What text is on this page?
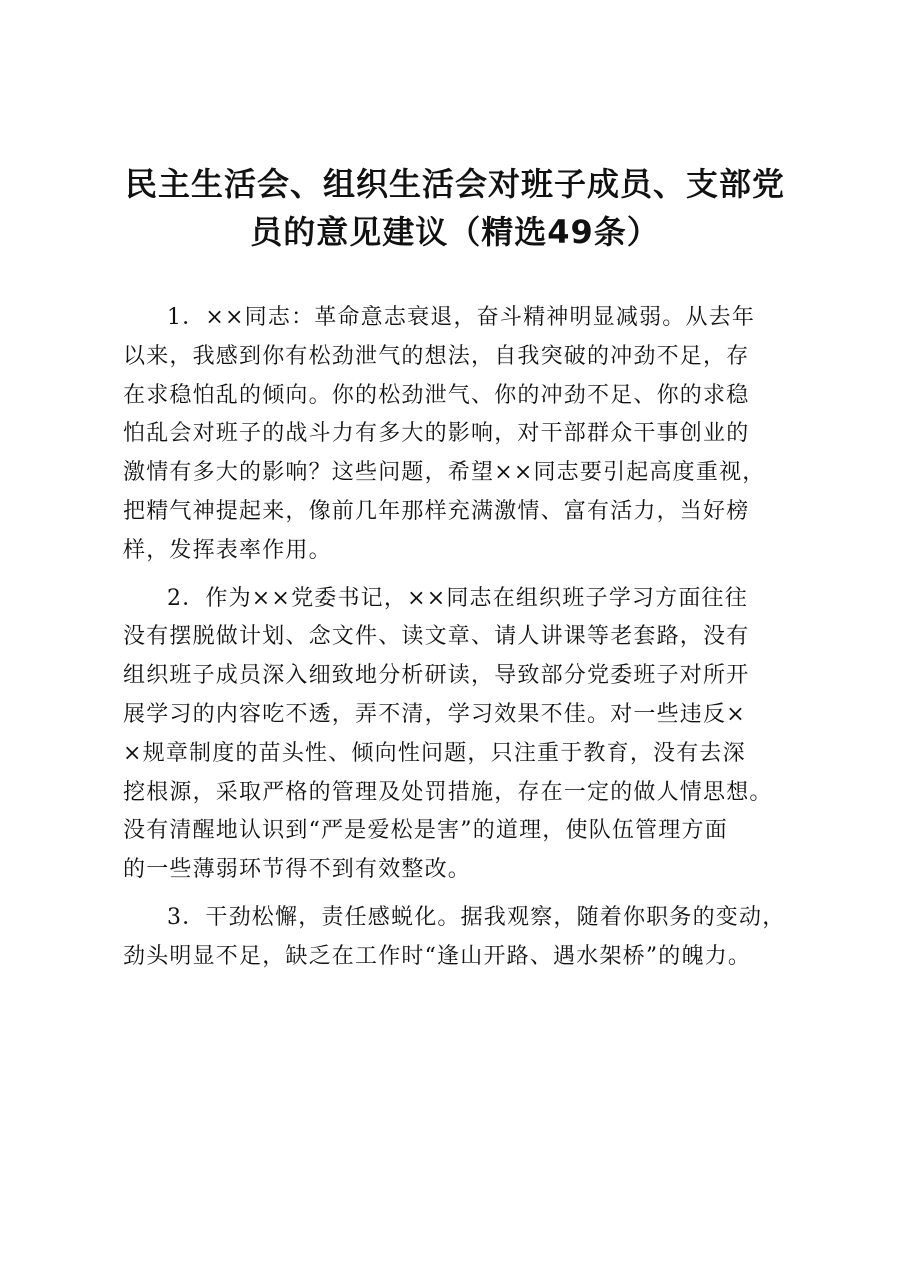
民主生活会、组织生活会对班子成员、支部党
员的意见建议（精选49条）

1．××同志：革命意志衰退，奋斗精神明显减弱。从去年
以来，我感到你有松劲泄气的想法，自我突破的冲劲不足，存
在求稳怕乱的倾向。你的松劲泄气、你的冲劲不足、你的求稳
怕乱会对班子的战斗力有多大的影响，对干部群众干事创业的
激情有多大的影响？这些问题，希望××同志要引起高度重视，
把精气神提起来，像前几年那样充满激情、富有活力，当好榜
样，发挥表率作用。

2．作为××党委书记，××同志在组织班子学习方面往往
没有摆脱做计划、念文件、读文章、请人讲课等老套路，没有
组织班子成员深入细致地分析研读，导致部分党委班子对所开
展学习的内容吃不透，弄不清，学习效果不佳。对一些违反×
×规章制度的苗头性、倾向性问题，只注重于教育，没有去深
挖根源，采取严格的管理及处罚措施，存在一定的做人情思想。
没有清醒地认识到“严是爱松是害”的道理，使队伍管理方面
的一些薄弱环节得不到有效整改。

3．干劲松懈，责任感蜕化。据我观察，随着你职务的变动，
劲头明显不足，缺乏在工作时“逢山开路、遇水架桥”的魄力。
